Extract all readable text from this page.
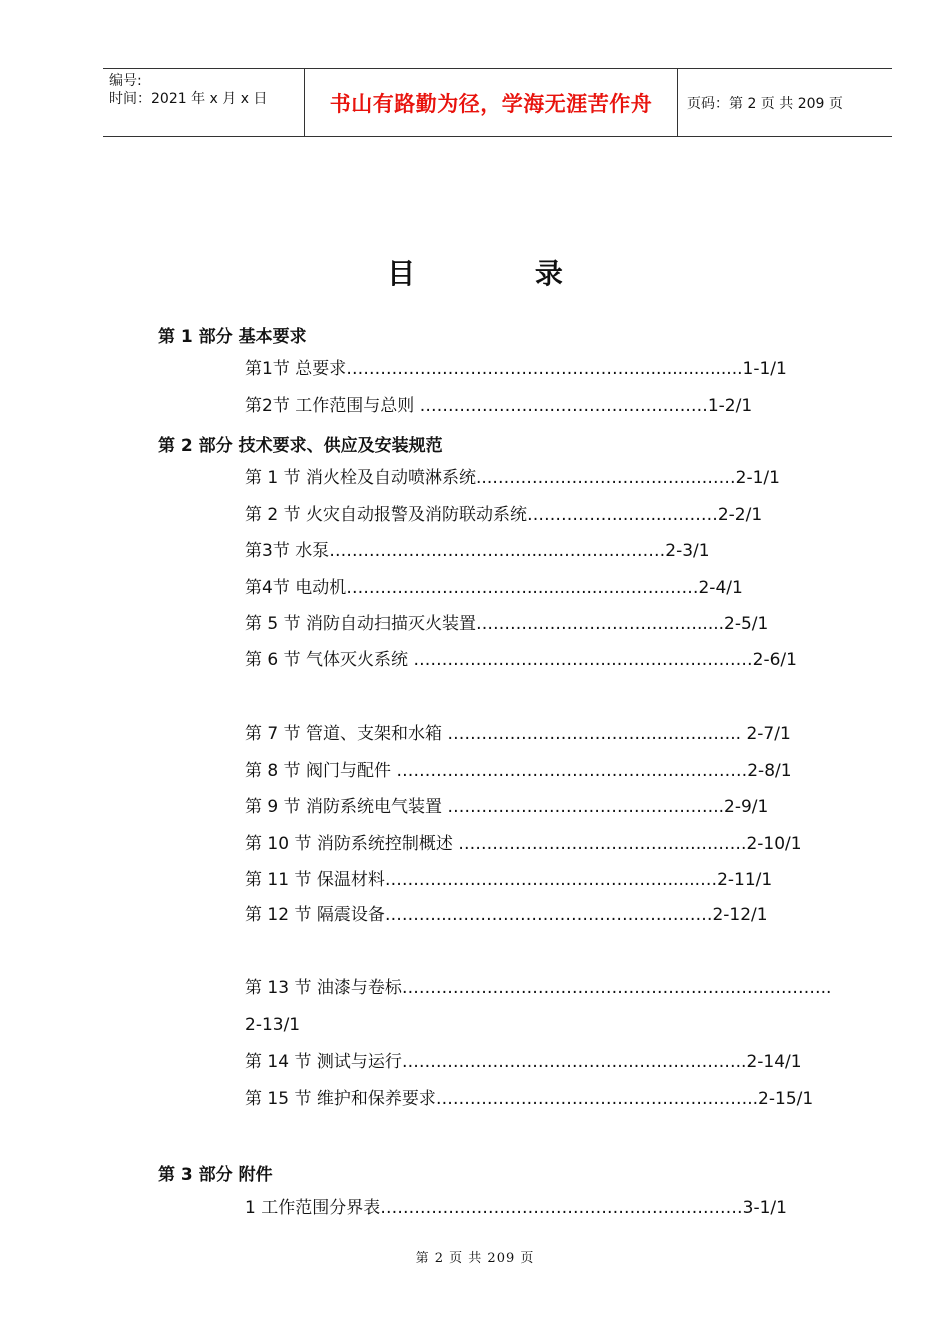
编号:
时间：2021 年 x 月 x 日	书山有路勤为径，学海无涯苦作舟	页码：第 2 页 共 209 页
目 录
第 1 部分 基本要求
第1节 总要求……………..…………………………….....................1-1/1
第2节 工作范围与总则 …………………..…………………….…1-2/1
第 2 部分 技术要求、供应及安装规范
第 1 节 消火栓及自动喷淋系统...……………………………….……2-1/1
第 2 节 火灾自动报警及消防联动系统……………...…....………2-2/1
第3节 水泵………………..…………..........….…..………2-3/1
第4节 电动机…………..……………….............…..…….……2-4/1
第 5 节 消防自动扫描灭火装置………………………………….....2-5/1
第 6 节 气体灭火系统 ……………………………...……………………2-6/1
第 7 节 管道、支架和水箱 ………………………………..………….. 2-7/1
第 8 节 阀门与配件 ………………………………………..……………2-8/1
第 9 节 消防系统电气装置 ……………..…………………………..2-9/1
第 10 节 消防系统控制概述 …………………………………..……….2-10/1
第 11 节 保温材料…………………………..………………......…2-11/1
第 12 节 隔震设备………...…………………………….…………2-12/1
第 13 节 油漆与卷标…………………………………………………..……………..2-13/1
第 14 节 测试与运行…………………………………..………………..2-14/1
第 15 节 维护和保养要求…………………………….…………………..2-15/1
第 3 部分 附件
1 工作范围分界表……………………………………….………………3-1/1
第 2 页 共 209 页
